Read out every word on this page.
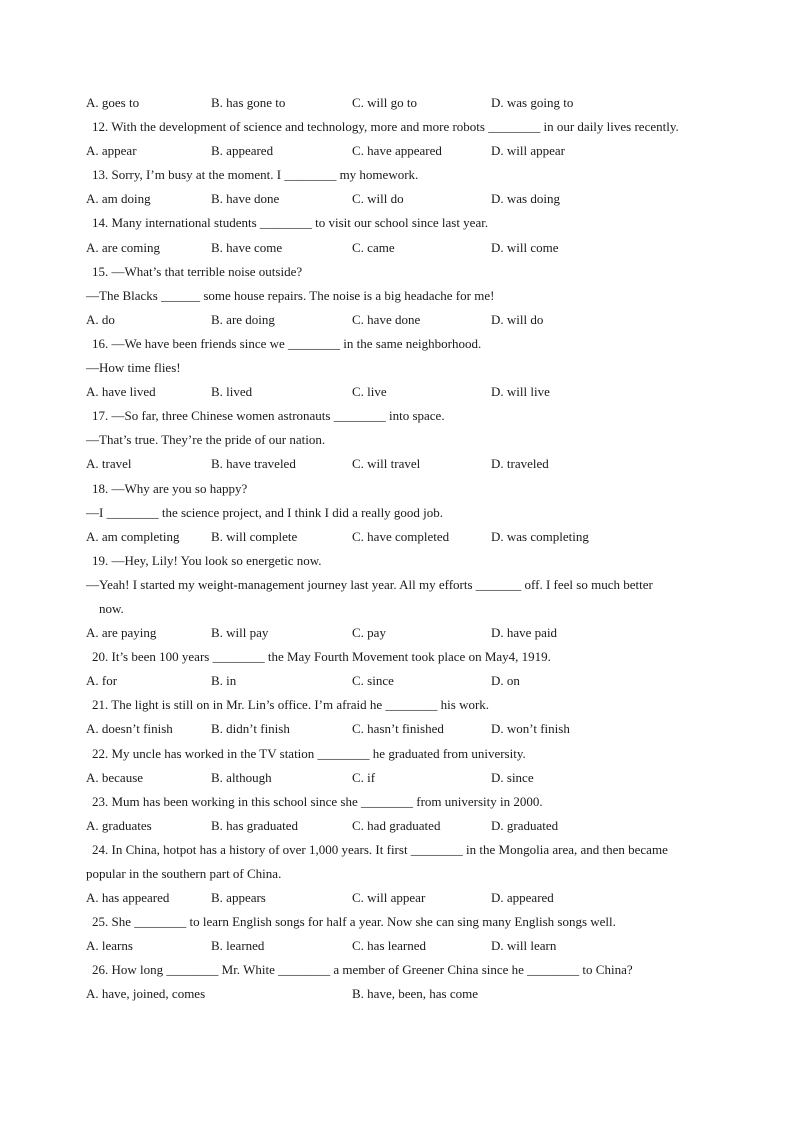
A. goes to	B. has gone to	C. will go to	D. was going to
12. With the development of science and technology, more and more robots ________ in our daily lives recently.
A. appear	B. appeared	C. have appeared	D. will appear
13. Sorry, I’m busy at the moment. I ________ my homework.
A. am doing	B. have done	C. will do	D. was doing
14. Many international students ________ to visit our school since last year.
A. are coming	B. have come	C. came	D. will come
15. —What’s that terrible noise outside?
—The Blacks ______ some house repairs. The noise is a big headache for me!
A. do	B. are doing	C. have done	D. will do
16. —We have been friends since we ________ in the same neighborhood.
—How time flies!
A. have lived	B. lived	C. live	D. will live
17. —So far, three Chinese women astronauts ________ into space.
—That’s true. They’re the pride of our nation.
A. travel	B. have traveled	C. will travel	D. traveled
18. —Why are you so happy?
—I ________ the science project, and I think I did a really good job.
A. am completing B. will complete	C. have completed	D. was completing
19. —Hey, Lily! You look so energetic now.
—Yeah! I started my weight-management journey last year. All my efforts _______ off. I feel so much better
now.
A. are paying	B. will pay	C. pay	D. have paid
20. It’s been 100 years ________ the May Fourth Movement took place on May4, 1919.
A. for	B. in	C. since	D. on
21. The light is still on in Mr. Lin’s office. I’m afraid he ________ his work.
A. doesn’t finish	B. didn’t finish	C. hasn’t finished	D. won’t finish
22. My uncle has worked in the TV station ________ he graduated from university.
A. because	B. although	C. if	D. since
23. Mum has been working in this school since she ________ from university in 2000.
A. graduates	B. has graduated	C. had graduated	D. graduated
24. In China, hotpot has a history of over 1,000 years. It first ________ in the Mongolia area, and then became
popular in the southern part of China.
A. has appeared	B. appears	C. will appear	D. appeared
25. She ________ to learn English songs for half a year. Now she can sing many English songs well.
A. learns	B. learned	C. has learned	D. will learn
26. How long ________ Mr. White ________ a member of Greener China since he ________ to China?
A. have, joined, comes	B. have, been, has come
